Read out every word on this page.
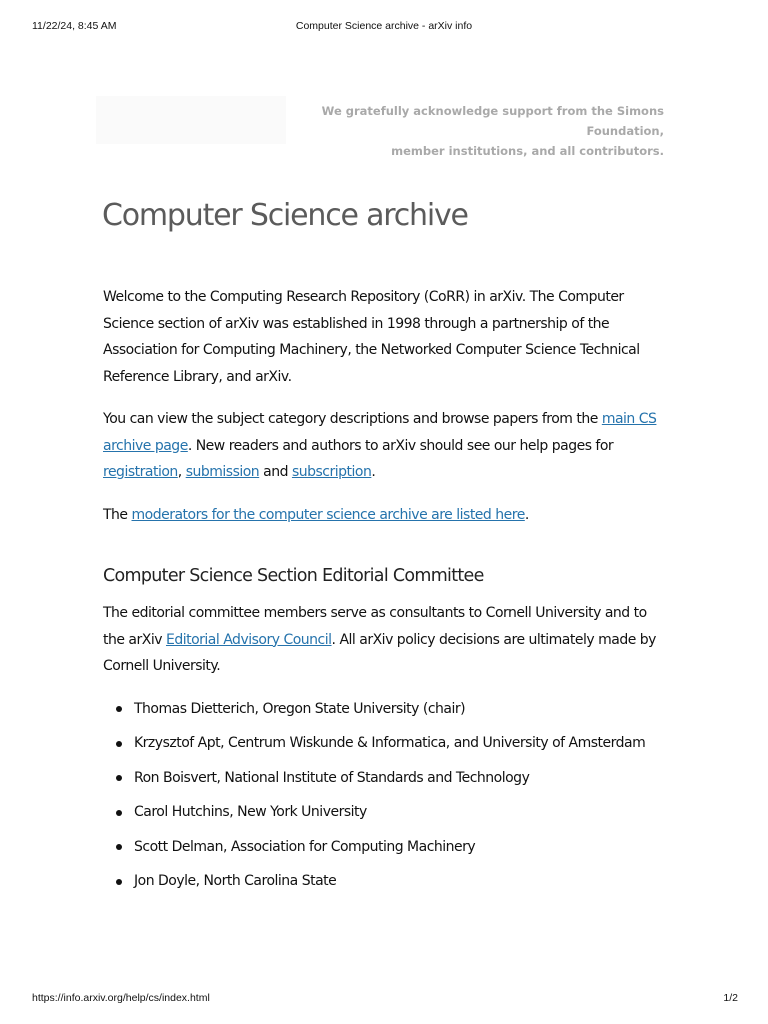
11/22/24, 8:45 AM	Computer Science archive - arXiv info
We gratefully acknowledge support from the Simons Foundation,
member institutions, and all contributors.
Computer Science archive

Welcome to the Computing Research Repository (CoRR) in arXiv. The Computer Science section of arXiv was established in 1998 through a partnership of the Association for Computing Machinery, the Networked Computer Science Technical Reference Library, and arXiv.

You can view the subject category descriptions and browse papers from the main CS archive page. New readers and authors to arXiv should see our help pages for registration, submission and subscription.

The moderators for the computer science archive are listed here.

Computer Science Section Editorial Committee

The editorial committee members serve as consultants to Cornell University and to the arXiv Editorial Advisory Council. All arXiv policy decisions are ultimately made by Cornell University.

Thomas Dietterich, Oregon State University (chair)
Krzysztof Apt, Centrum Wiskunde & Informatica, and University of Amsterdam
Ron Boisvert, National Institute of Standards and Technology
Carol Hutchins, New York University
Scott Delman, Association for Computing Machinery
Jon Doyle, North Carolina State
https://info.arxiv.org/help/cs/index.html	1/2
